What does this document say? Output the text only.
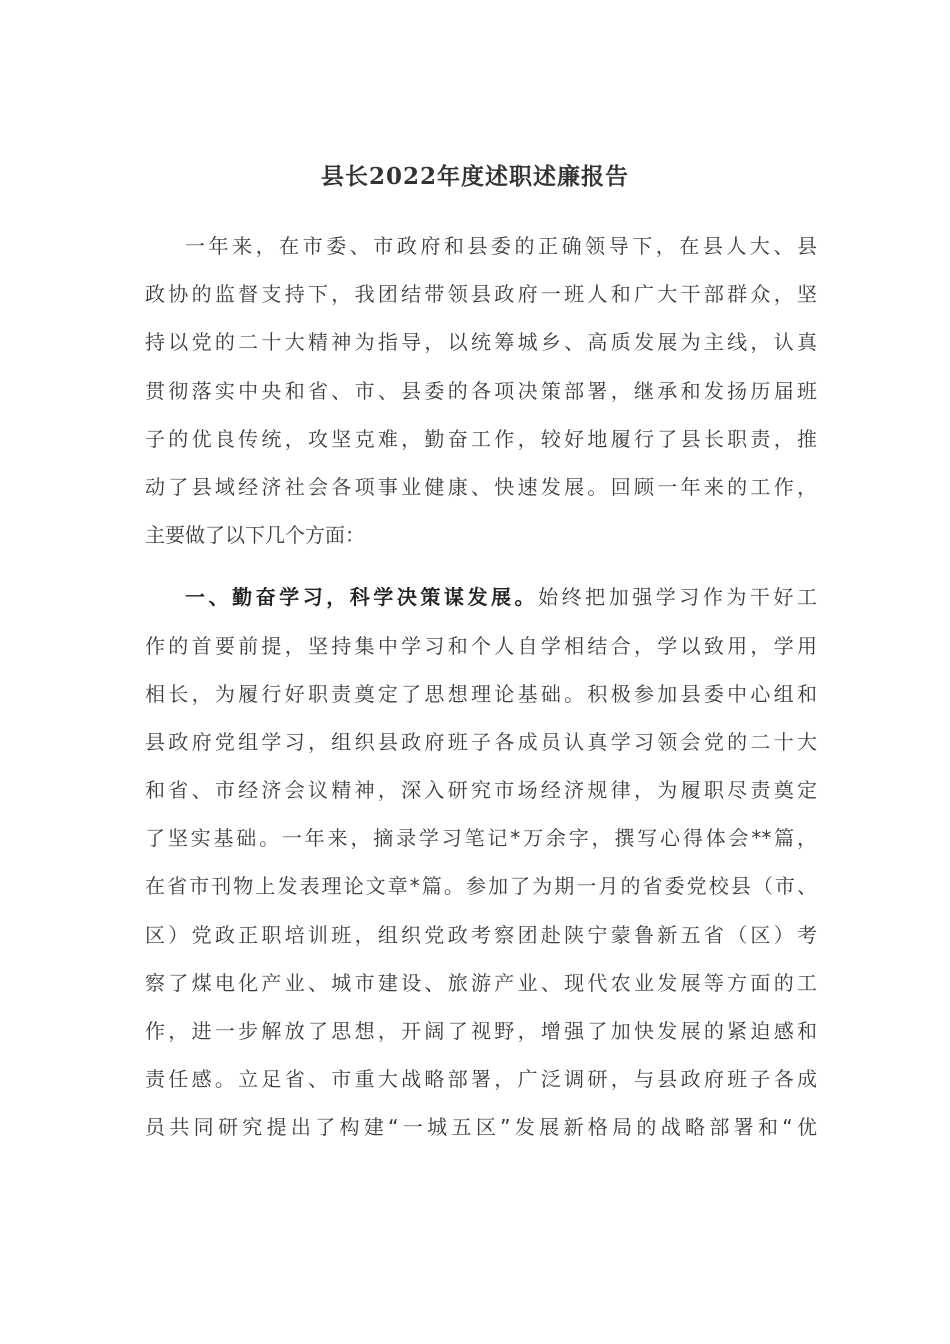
县长2022年度述职述廉报告
一年来，在市委、市政府和县委的正确领导下，在县人大、县
政协的监督支持下，我团结带领县政府一班人和广大干部群众，坚
持以党的二十大精神为指导，以统筹城乡、高质发展为主线，认真
贯彻落实中央和省、市、县委的各项决策部署，继承和发扬历届班
子的优良传统，攻坚克难，勤奋工作，较好地履行了县长职责，推
动了县域经济社会各项事业健康、快速发展。回顾一年来的工作，
主要做了以下几个方面：
一、勤奋学习，科学决策谋发展。始终把加强学习作为干好工
作的首要前提，坚持集中学习和个人自学相结合，学以致用，学用
相长，为履行好职责奠定了思想理论基础。积极参加县委中心组和
县政府党组学习，组织县政府班子各成员认真学习领会党的二十大
和省、市经济会议精神，深入研究市场经济规律，为履职尽责奠定
了坚实基础。一年来，摘录学习笔记*万余字，撰写心得体会**篇，
在省市刊物上发表理论文章*篇。参加了为期一月的省委党校县（市、
区）党政正职培训班，组织党政考察团赴陕宁蒙鲁新五省（区）考
察了煤电化产业、城市建设、旅游产业、现代农业发展等方面的工
作，进一步解放了思想，开阔了视野，增强了加快发展的紧迫感和
责任感。立足省、市重大战略部署，广泛调研，与县政府班子各成
员共同研究提出了构建“一城五区”发展新格局的战略部署和“优
